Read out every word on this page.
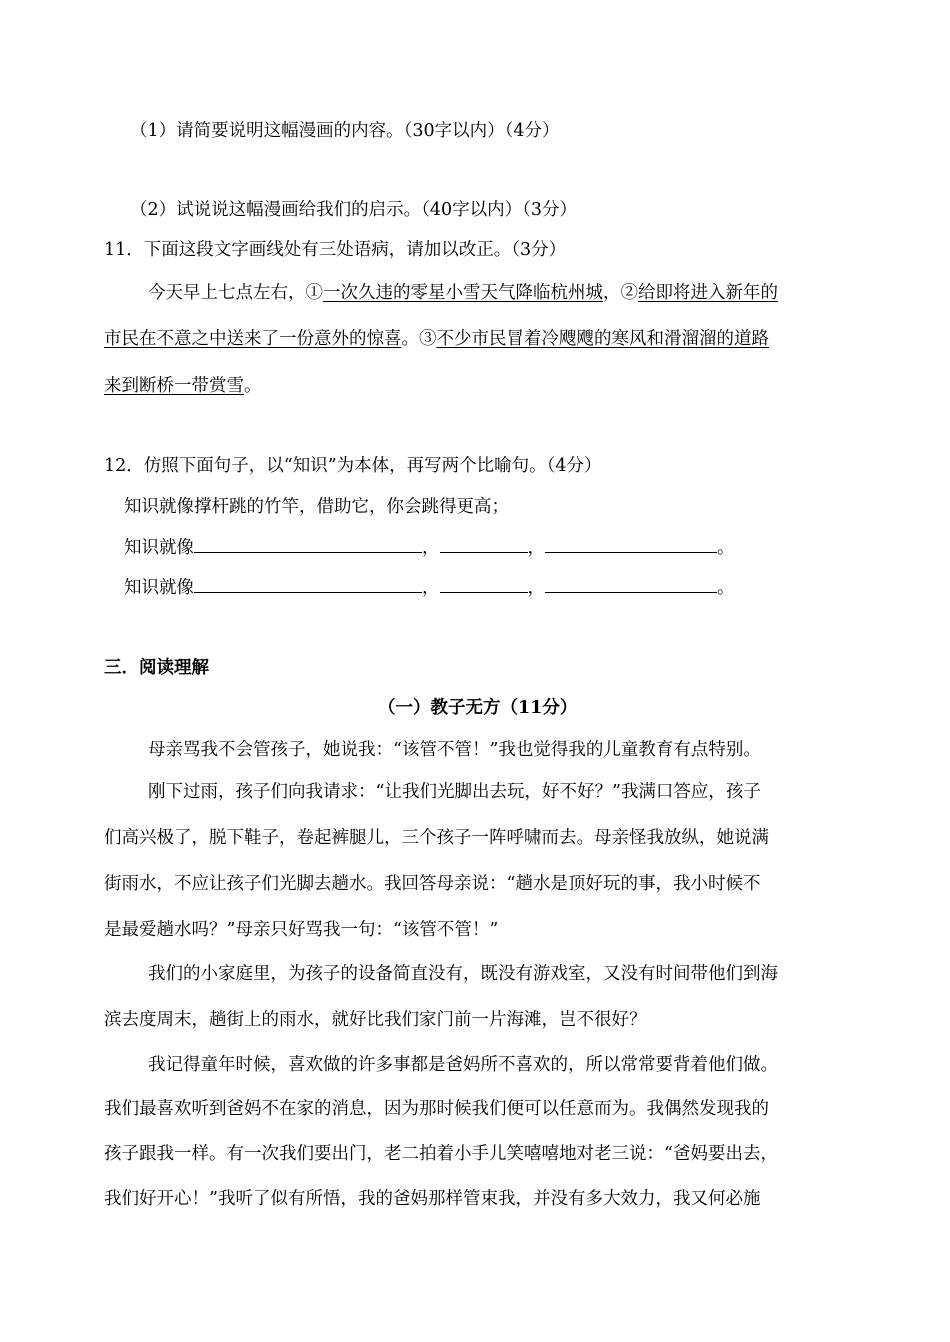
（1）请简要说明这幅漫画的内容。（30字以内）（4分）
（2）试说说这幅漫画给我们的启示。（40字以内）（3分）
11．下面这段文字画线处有三处语病，请加以改正。（3分）
今天早上七点左右，①一次久违的零星小雪天气降临杭州城，②给即将进入新年的
市民在不意之中送来了一份意外的惊喜。③不少市民冒着冷飕飕的寒风和滑溜溜的道路
来到断桥一带赏雪。
12．仿照下面句子，以“知识”为本体，再写两个比喻句。（4分）
知识就像撑杆跳的竹竿，借助它，你会跳得更高；
知识就像	，	，	。
知识就像	，	，	。
三．阅读理解
（一）教子无方（11分）
母亲骂我不会管孩子，她说我：“该管不管！”我也觉得我的儿童教育有点特别。
刚下过雨，孩子们向我请求：“让我们光脚出去玩，好不好？”我满口答应，孩子
们高兴极了，脱下鞋子，卷起裤腿儿，三个孩子一阵呼啸而去。母亲怪我放纵，她说满
街雨水，不应让孩子们光脚去趟水。我回答母亲说：“趟水是顶好玩的事，我小时候不
是最爱趟水吗？”母亲只好骂我一句：“该管不管！”
我们的小家庭里，为孩子的设备简直没有，既没有游戏室，又没有时间带他们到海
滨去度周末，趟街上的雨水，就好比我们家门前一片海滩，岂不很好？
我记得童年时候，喜欢做的许多事都是爸妈所不喜欢的，所以常常要背着他们做。
我们最喜欢听到爸妈不在家的消息，因为那时候我们便可以任意而为。我偶然发现我的
孩子跟我一样。有一次我们要出门，老二拍着小手儿笑嘻嘻地对老三说：“爸妈要出去，
我们好开心！”我听了似有所悟，我的爸妈那样管束我，并没有多大效力，我又何必施
